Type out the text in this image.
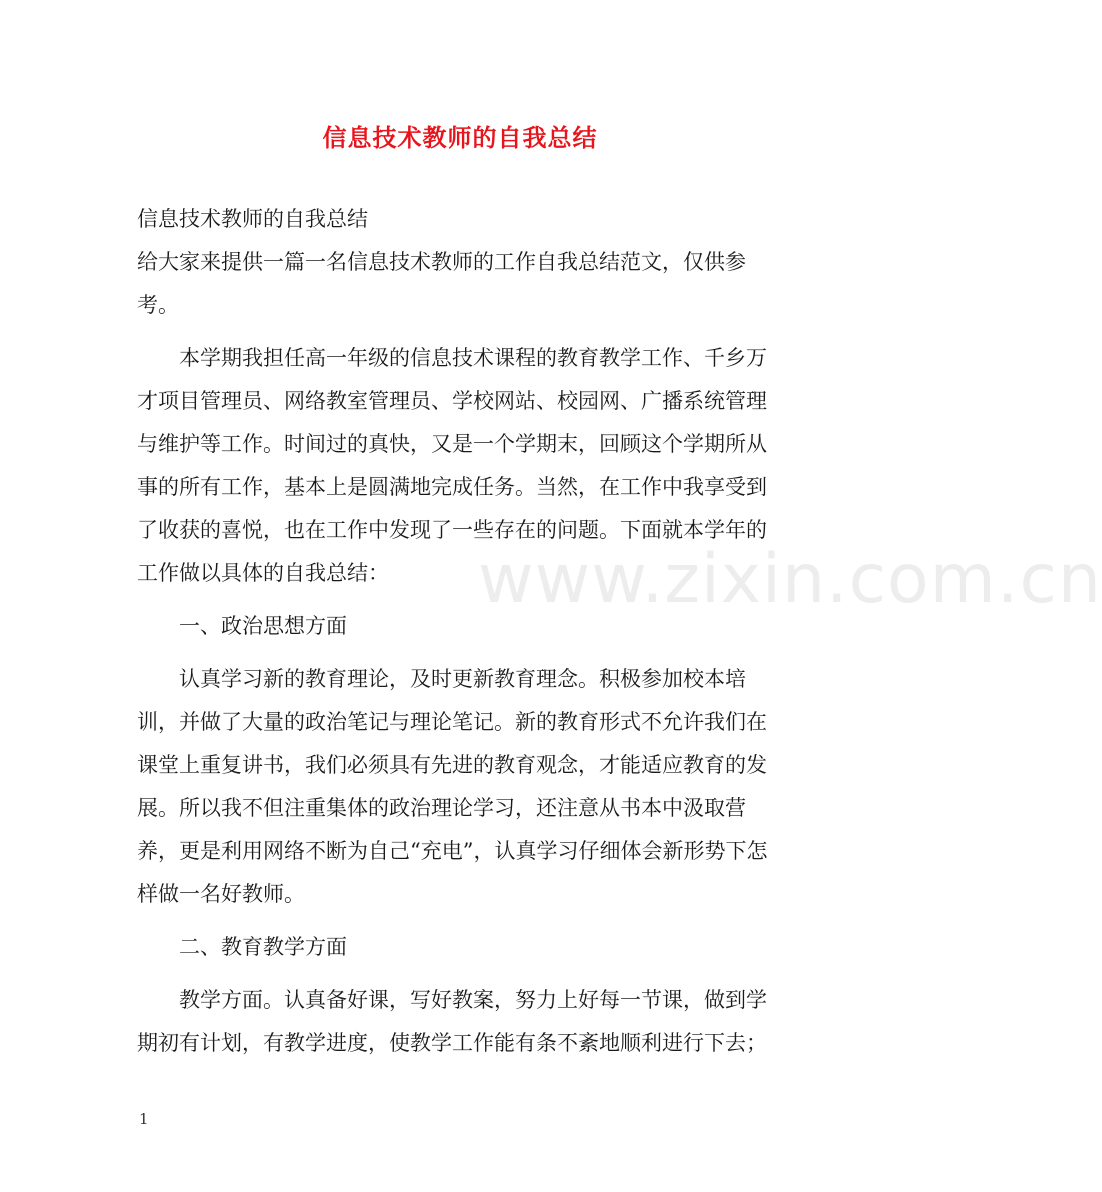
信息技术教师的自我总结

信息技术教师的自我总结

给大家来提供一篇一名信息技术教师的工作自我总结范文，仅供参考。

本学期我担任高一年级的信息技术课程的教育教学工作、千乡万才项目管理员、网络教室管理员、学校网站、校园网、广播系统管理与维护等工作。时间过的真快，又是一个学期末，回顾这个学期所从事的所有工作，基本上是圆满地完成任务。当然，在工作中我享受到了收获的喜悦，也在工作中发现了一些存在的问题。下面就本学年的工作做以具体的自我总结：

一、政治思想方面

认真学习新的教育理论，及时更新教育理念。积极参加校本培训，并做了大量的政治笔记与理论笔记。新的教育形式不允许我们在课堂上重复讲书，我们必须具有先进的教育观念，才能适应教育的发展。所以我不但注重集体的政治理论学习，还注意从书本中汲取营养，更是利用网络不断为自己“充电”，认真学习仔细体会新形势下怎样做一名好教师。

二、教育教学方面

教学方面。认真备好课，写好教案，努力上好每一节课，做到学期初有计划，有教学进度，使教学工作能有条不紊地顺利进行下去；

www.zixin.com.cn
1
